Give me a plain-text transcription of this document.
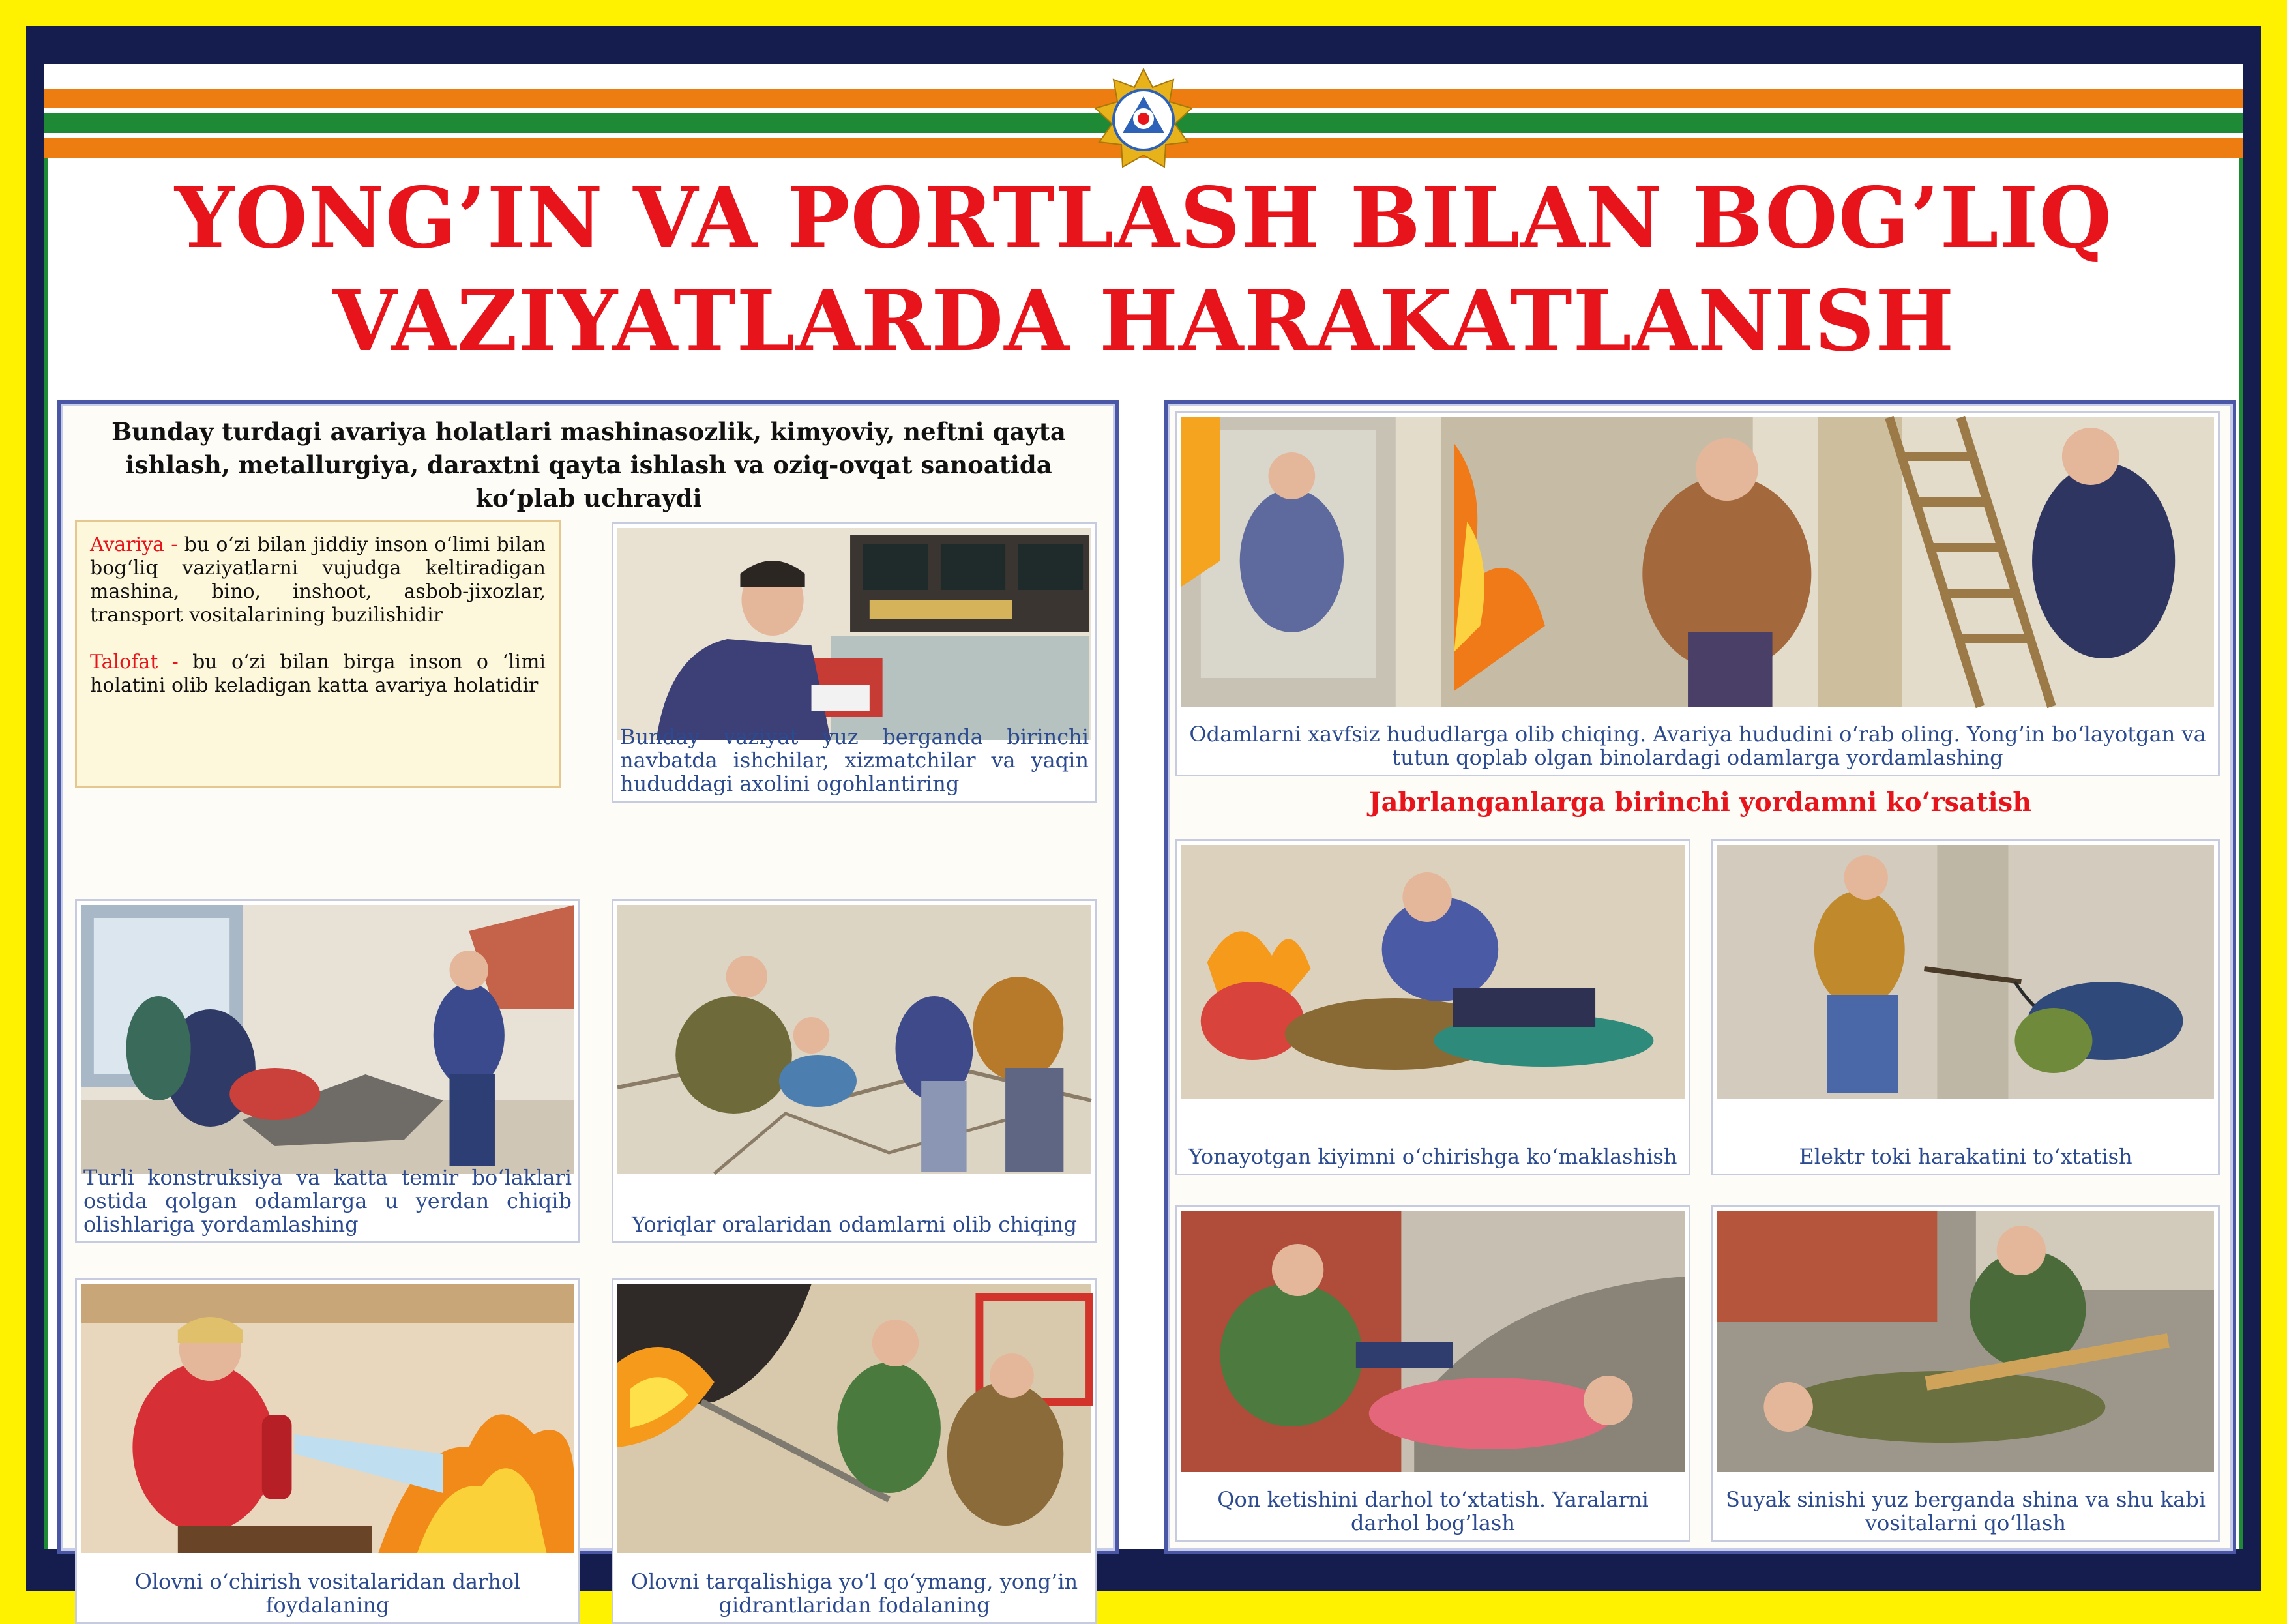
YONG’IN VA PORTLASH BILAN BOG’LIQ
VAZIYATLARDA HARAKATLANISH
Bunday turdagi avariya holatlari mashinasozlik, kimyoviy, neftni qayta ishlash, metallurgiya, daraxtni qayta ishlash va oziq-ovqat sanoatida ko‘plab uchraydi

Avariya - bu o‘zi bilan jiddiy inson o‘limi bilan bog‘liq vaziyatlarni vujudga keltiradigan mashina, bino, inshoot, asbob-jixozlar, transport vositalarining buzilishidir

Talofat - bu o‘zi bilan birga inson o ‘limi holatini olib keladigan katta avariya holatidir

Bunday vaziyat yuz berganda birinchi navbatda ishchilar, xizmatchilar va yaqin hududdagi axolini ogohlantiring
Turli konstruksiya va katta temir bo‘laklari ostida qolgan odamlarga u yerdan chiqib olishlariga yordamlashing	Yoriqlar oralaridan odamlarni olib chiqing
Olovni o‘chirish vositalaridan darhol foydalaning
Olovni tarqalishiga yo‘l qo‘ymang, yong’in gidrantlaridan fodalaning
Odamlarni xavfsiz hududlarga olib chiqing. Avariya hududini o‘rab oling. Yong’in bo‘layotgan va tutun qoplab olgan binolardagi odamlarga yordamlashing
Jabrlanganlarga birinchi yordamni ko‘rsatish
Yonayotgan kiyimni o‘chirishga ko‘maklashish	Elektr toki harakatini to‘xtatish
Qon ketishini darhol to‘xtatish. Yaralarni darhol bog’lash
Suyak sinishi yuz berganda shina va shu kabi vositalarni qo‘llash
